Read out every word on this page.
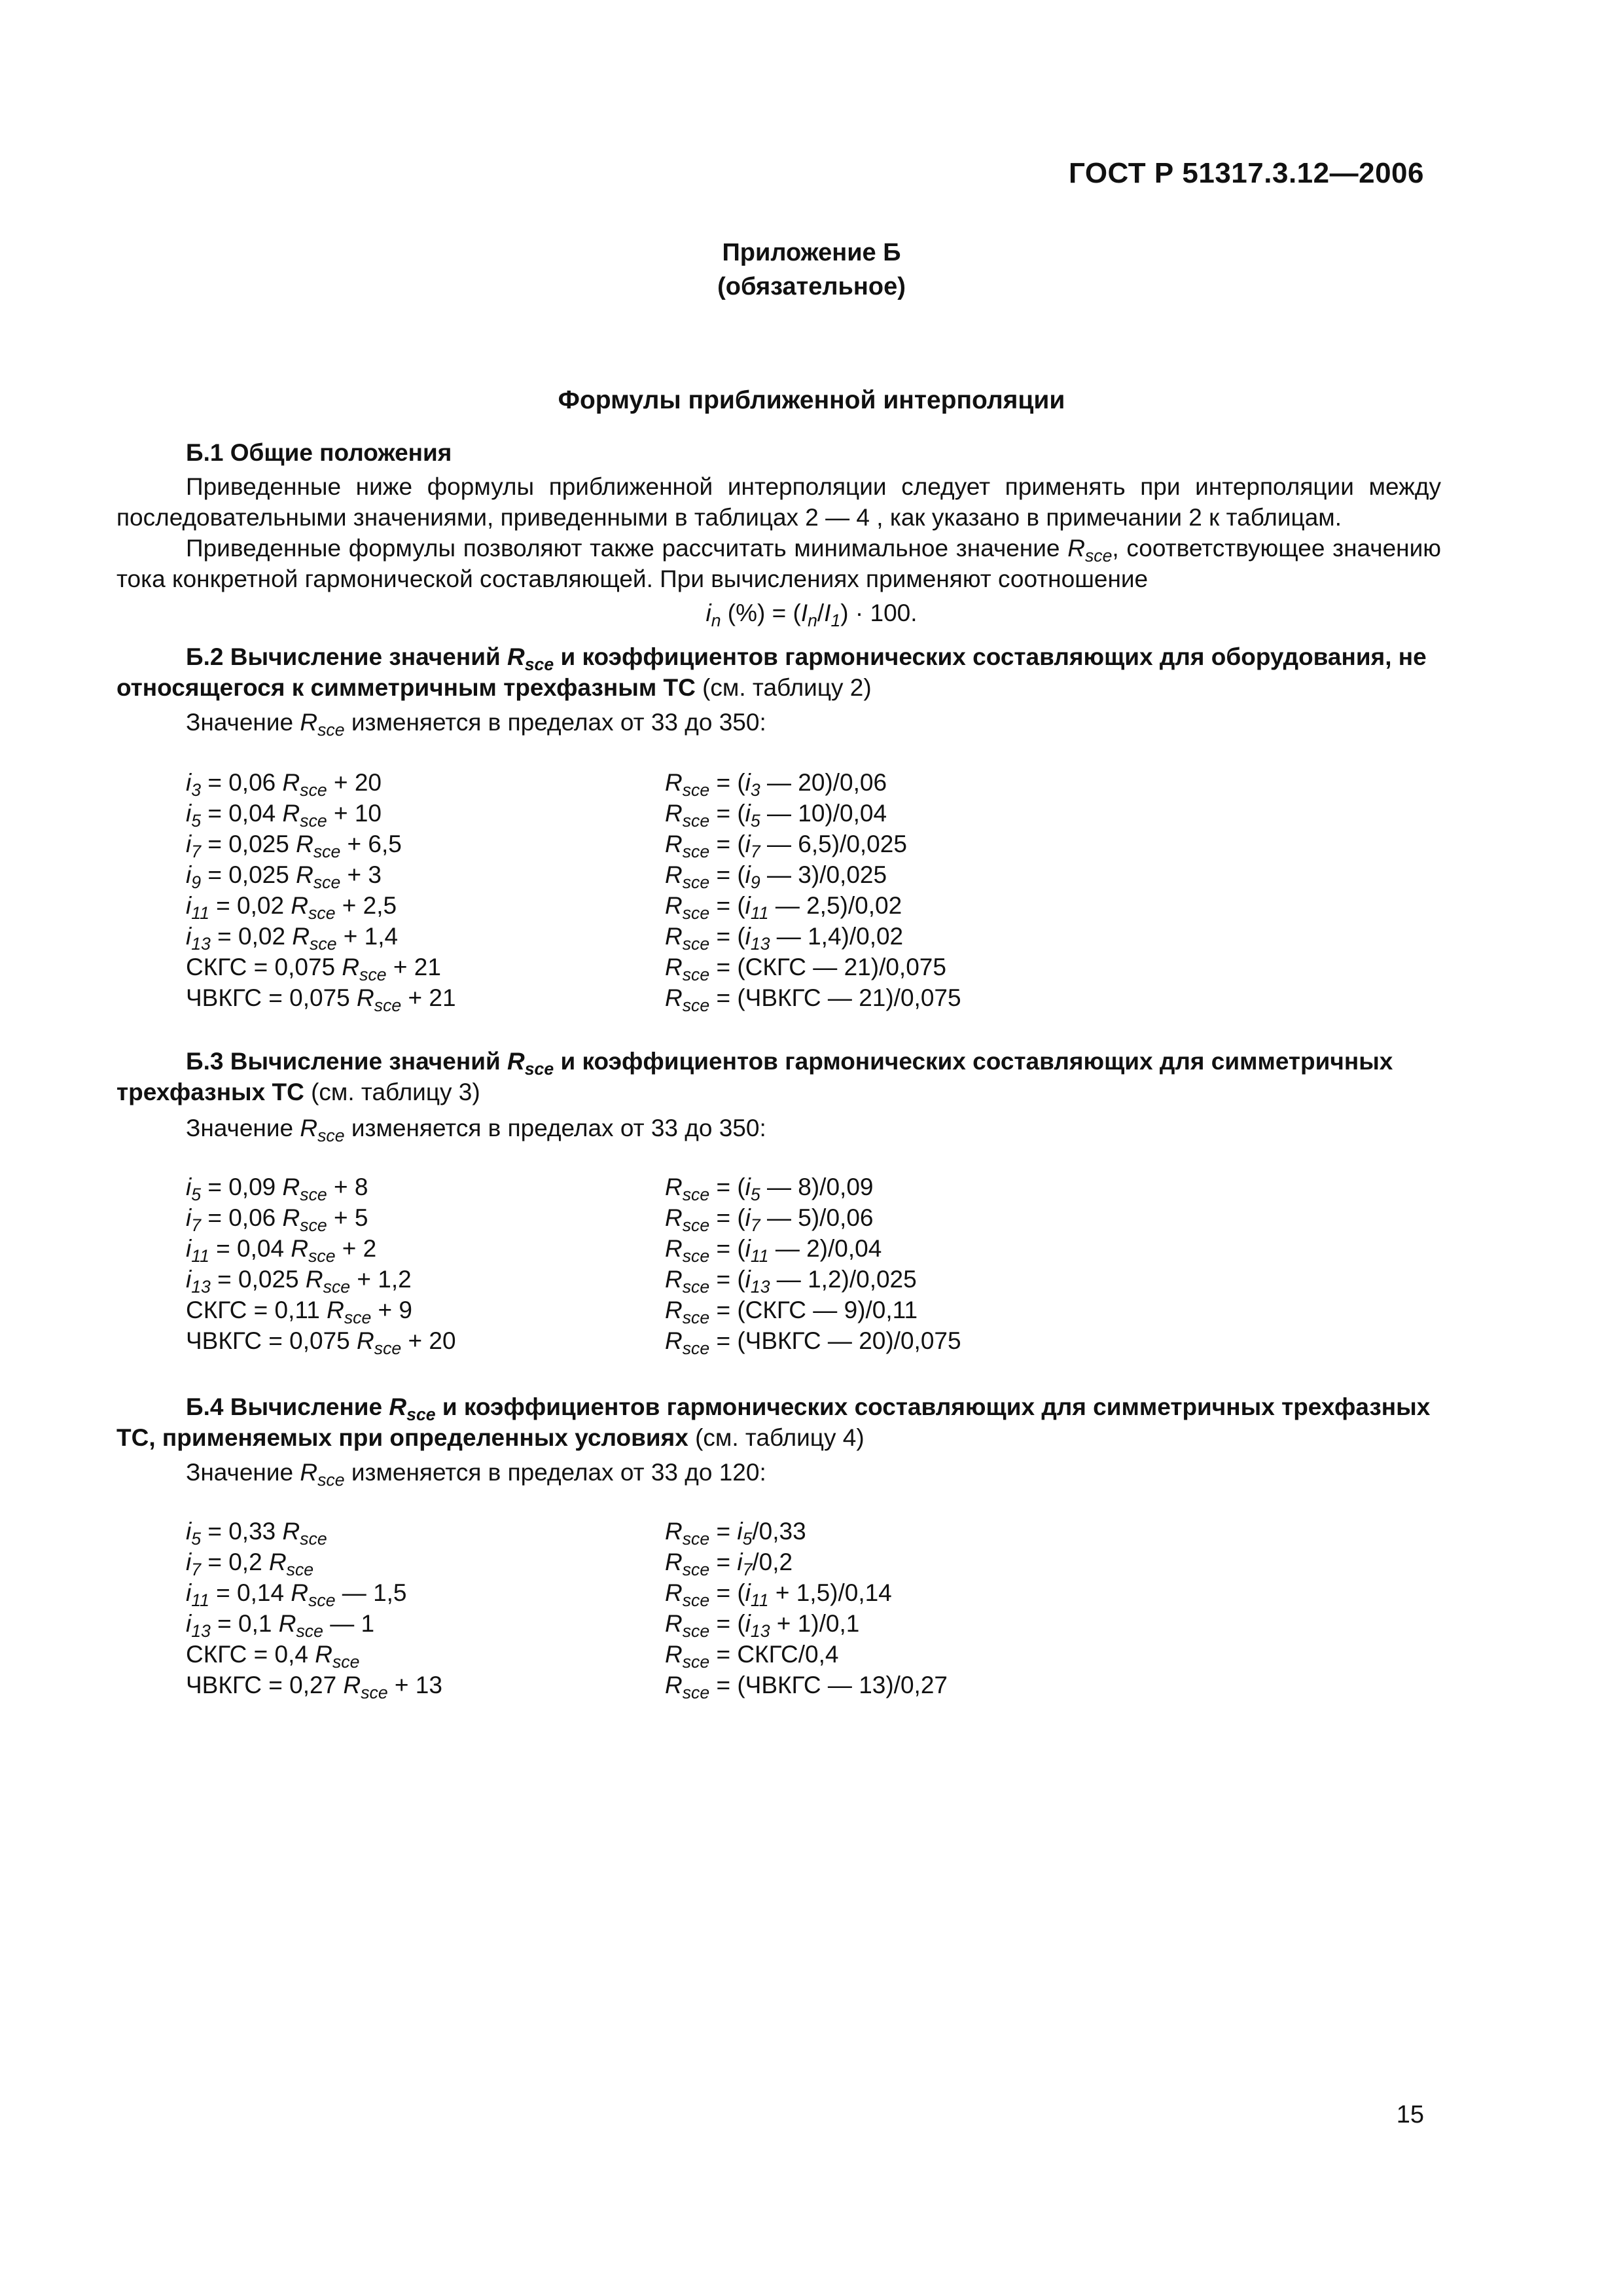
ГОСТ Р 51317.3.12—2006
Приложение Б
(обязательное)
Формулы приближенной интерполяции
Б.1 Общие положения
Приведенные ниже формулы приближенной интерполяции следует применять при интерполяции между последовательными значениями, приведенными в таблицах 2 — 4 , как указано в примечании 2 к таблицам.
Приведенные формулы позволяют также рассчитать минимальное значение $R_{sce}$, соответствующее значению тока конкретной гармонической составляющей. При вычислениях применяют соотношение
$i_n$ (%) = $(I_n/I_1) \cdot 100$.
Б.2 Вычисление значений $R_{sce}$ и коэффициентов гармонических составляющих для оборудования, не относящегося к симметричным трехфазным ТС (см. таблицу 2)
Значение $R_{sce}$ изменяется в пределах от 33 до 350:
$i_3 = 0,06$ $R_{sce} + 20$	$R_{sce} = (i_3$ — 20)/0,06
$i_5 = 0,04$ $R_{sce} + 10$	$R_{sce} = (i_5$ — 10)/0,04
$i_7 = 0,025$ $R_{sce} + 6,5$	$R_{sce} = (i_7$ — 6,5)/0,025
$i_9 = 0,025$ $R_{sce} + 3$	$R_{sce} = (i_9$ — 3)/0,025
$i_{11} = 0,02$ $R_{sce} + 2,5$	$R_{sce} = (i_{11}$ — 2,5)/0,02
$i_{13} = 0,02$ $R_{sce} + 1,4$	$R_{sce} = (i_{13}$ — 1,4)/0,02
СКГС = 0,075 $R_{sce} + 21$	$R_{sce}$ = (СКГС — 21)/0,075
ЧВКГС = 0,075 $R_{sce} + 21$	$R_{sce}$ = (ЧВКГС — 21)/0,075
Б.3 Вычисление значений $R_{sce}$ и коэффициентов гармонических составляющих для симметричных трехфазных ТС (см. таблицу 3)
Значение $R_{sce}$ изменяется в пределах от 33 до 350:
$i_5 = 0,09$ $R_{sce} + 8$	$R_{sce} = (i_5$ — 8)/0,09
$i_7 = 0,06$ $R_{sce} + 5$	$R_{sce} = (i_7$ — 5)/0,06
$i_{11} = 0,04$ $R_{sce} + 2$	$R_{sce} = (i_{11}$ — 2)/0,04
$i_{13} = 0,025$ $R_{sce} + 1,2$	$R_{sce} = (i_{13}$ — 1,2)/0,025
СКГС = 0,11 $R_{sce} + 9$	$R_{sce}$ = (СКГС — 9)/0,11
ЧВКГС = 0,075 $R_{sce} + 20$	$R_{sce}$ = (ЧВКГС — 20)/0,075
Б.4 Вычисление $R_{sce}$ и коэффициентов гармонических составляющих для симметричных трехфазных ТС, применяемых при определенных условиях (см. таблицу 4)
Значение $R_{sce}$ изменяется в пределах от 33 до 120:
$i_5 = 0,33$ $R_{sce}$	$R_{sce} = i_5/0,33$
$i_7 = 0,2$ $R_{sce}$	$R_{sce} = i_7/0,2$
$i_{11} = 0,14$ $R_{sce}$ — 1,5	$R_{sce} = (i_{11} + 1,5)/0,14$
$i_{13} = 0,1$ $R_{sce}$ — 1	$R_{sce} = (i_{13} + 1)/0,1$
СКГС = 0,4 $R_{sce}$	$R_{sce}$ = СКГС/0,4
ЧВКГС = 0,27 $R_{sce} + 13$	$R_{sce}$ = (ЧВКГС — 13)/0,27
15
